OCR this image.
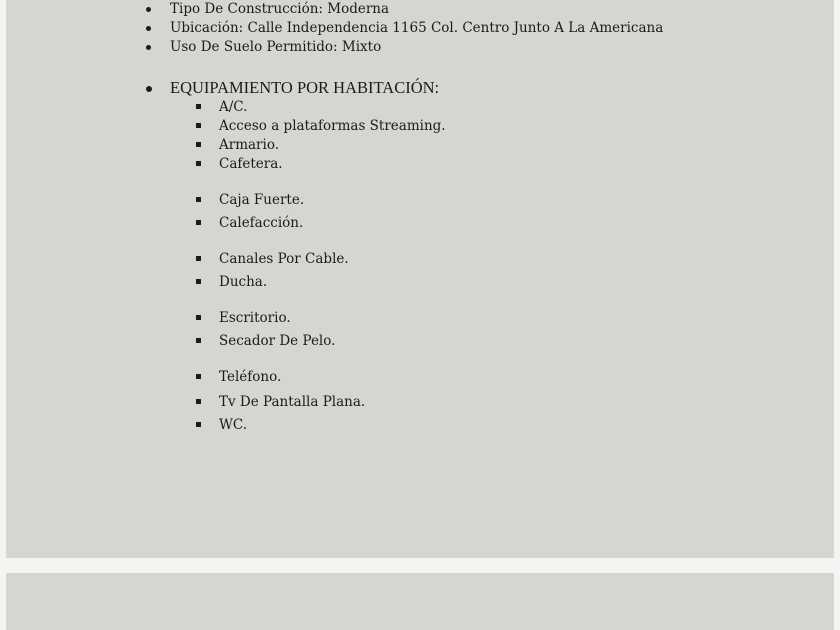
Tipo De Construcción: Moderna
Ubicación: Calle Independencia 1165 Col. Centro Junto A La Americana
Uso De Suelo Permitido: Mixto
EQUIPAMIENTO POR HABITACIÓN:
A/C.
Acceso a plataformas Streaming.
Armario.
Cafetera.
Caja Fuerte.
Calefacción.
Canales Por Cable.
Ducha.
Escritorio.
Secador De Pelo.
Teléfono.
Tv De Pantalla Plana.
WC.
